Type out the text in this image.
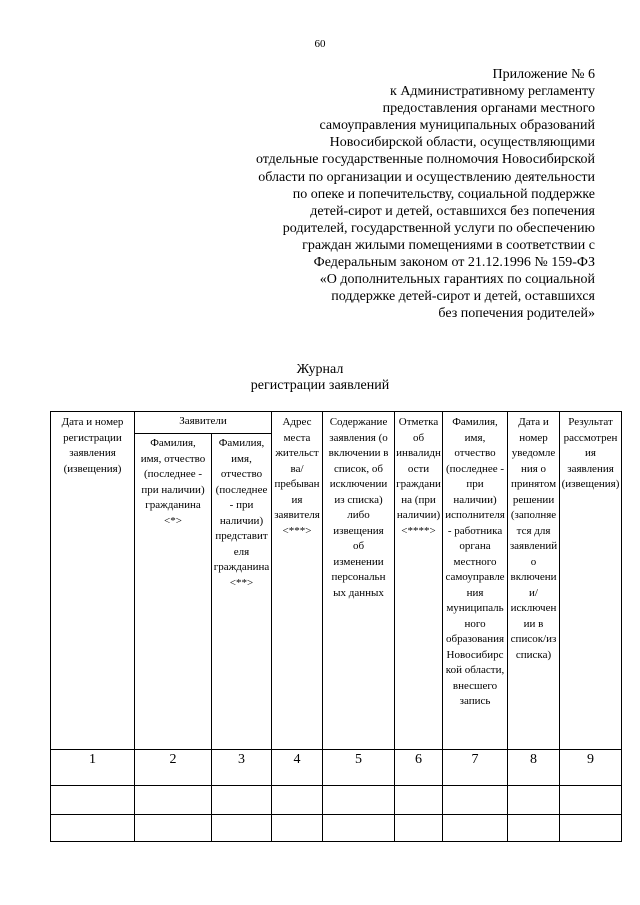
60
Приложение № 6
к Административному регламенту
предоставления органами местного
самоуправления муниципальных образований
Новосибирской области, осуществляющими
отдельные государственные полномочия Новосибирской
области по организации и осуществлению деятельности
по опеке и попечительству, социальной поддержке
детей-сирот и детей, оставшихся без попечения
родителей, государственной услуги по обеспечению
граждан жилыми помещениями в соответствии с
Федеральным законом от 21.12.1996 № 159-ФЗ
«О дополнительных гарантиях по социальной
поддержке детей-сирот и детей, оставшихся
без попечения родителей»
Журнал
регистрации заявлений
Дата и номер регистрации заявления (извещения)	Заявители		Адрес места жительства/пребывания заявителя <***>	Содержание заявления (о включении в список, об исключении из списка) либо извещения об изменении персональных данных	Отметка об инвалидности гражданина (при наличии) <****>	Фамилия, имя, отчество (последнее - при наличии) исполнителя - работника органа местного самоуправления муниципального образования Новосибирской области, внесшего запись	Дата и номер уведомления о принятом решении (заполняется для заявлений о включении/исключении в список/из списка)	Результат рассмотрения заявления (извещения)

	Фамилия, имя, отчество (последнее - при наличии) гражданина <*>	Фамилия, имя, отчество (последнее - при наличии) представителя гражданина <**>						

1	2	3	4	5	6	7	8	9
